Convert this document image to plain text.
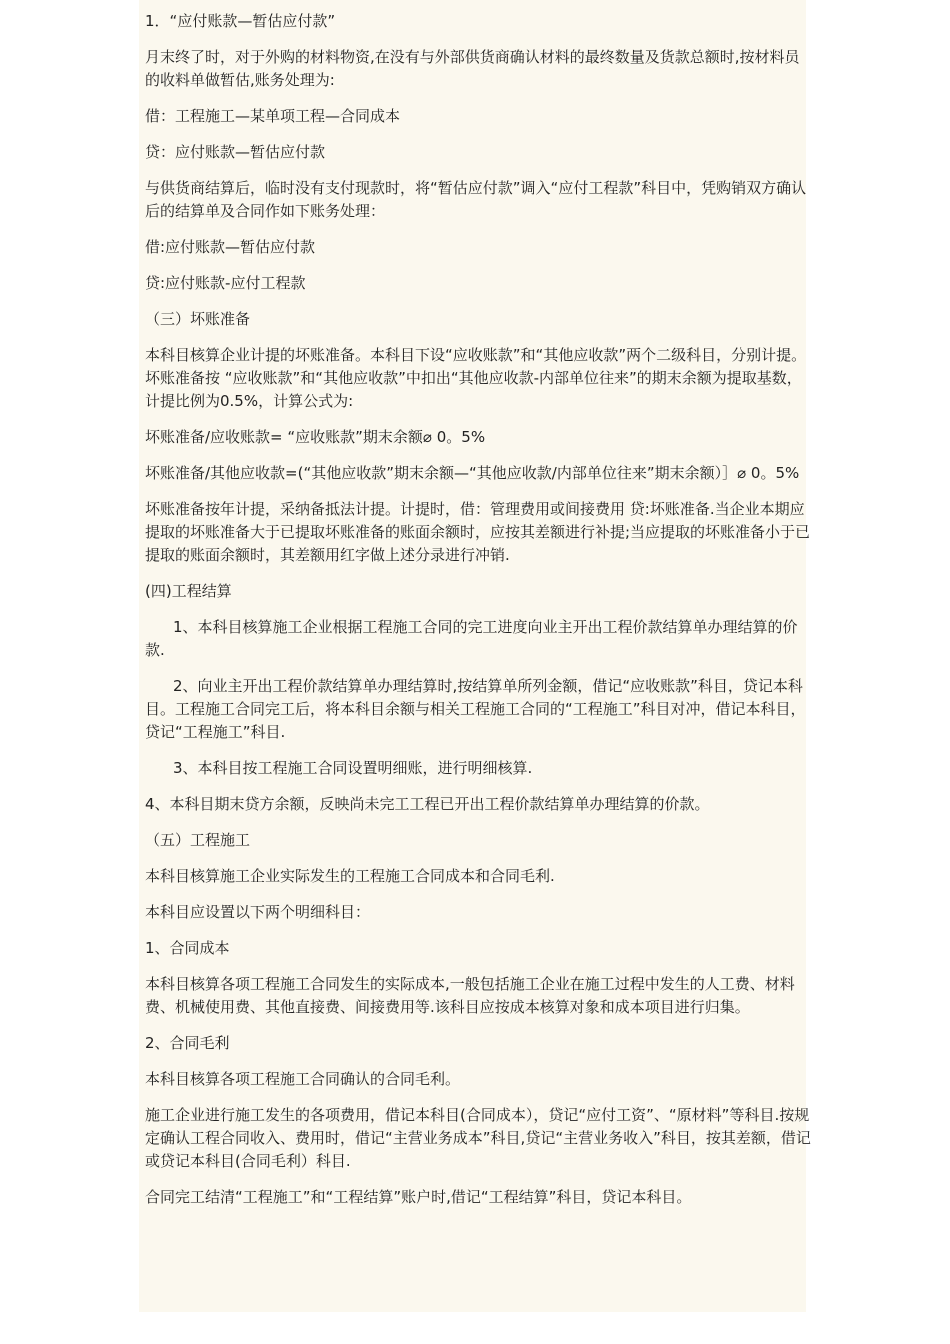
1．“应付账款—暂估应付款”

月末终了时，对于外购的材料物资,在没有与外部供货商确认材料的最终数量及货款总额时,按材料员的收料单做暂估,账务处理为:

借：工程施工—某单项工程—合同成本

贷：应付账款—暂估应付款

与供货商结算后，临时没有支付现款时，将“暂估应付款”调入“应付工程款”科目中，凭购销双方确认后的结算单及合同作如下账务处理：

借:应付账款—暂估应付款

贷:应付账款-应付工程款

（三）坏账准备

本科目核算企业计提的坏账准备。本科目下设“应收账款”和“其他应收款”两个二级科目，分别计提。坏账准备按 “应收账款”和“其他应收款”中扣出“其他应收款-内部单位往来”的期末余额为提取基数，计提比例为0.5%，计算公式为:

坏账准备/应收账款= “应收账款”期末余额⌀ 0。5%

坏账准备/其他应收款=(“其他应收款”期末余额—“其他应收款/内部单位往来”期末余额）］⌀ 0。5%

坏账准备按年计提，采纳备抵法计提。计提时，借：管理费用或间接费用 贷:坏账准备.当企业本期应提取的坏账准备大于已提取坏账准备的账面余额时，应按其差额进行补提;当应提取的坏账准备小于已提取的账面余额时，其差额用红字做上述分录进行冲销.

(四)工程结算

1、本科目核算施工企业根据工程施工合同的完工进度向业主开出工程价款结算单办理结算的价款.

2、向业主开出工程价款结算单办理结算时,按结算单所列金额，借记“应收账款”科目，贷记本科目。工程施工合同完工后，将本科目余额与相关工程施工合同的“工程施工”科目对冲，借记本科目，贷记“工程施工”科目.

3、本科目按工程施工合同设置明细账，进行明细核算.

4、本科目期末贷方余额，反映尚未完工工程已开出工程价款结算单办理结算的价款。

（五）工程施工

本科目核算施工企业实际发生的工程施工合同成本和合同毛利.

本科目应设置以下两个明细科目：

1、合同成本

本科目核算各项工程施工合同发生的实际成本,一般包括施工企业在施工过程中发生的人工费、材料费、机械使用费、其他直接费、间接费用等.该科目应按成本核算对象和成本项目进行归集。

2、合同毛利

本科目核算各项工程施工合同确认的合同毛利。

施工企业进行施工发生的各项费用，借记本科目(合同成本），贷记“应付工资”、“原材料”等科目.按规定确认工程合同收入、费用时，借记“主营业务成本”科目,贷记“主营业务收入”科目，按其差额，借记或贷记本科目(合同毛利）科目.

合同完工结清“工程施工”和“工程结算”账户时,借记“工程结算”科目，贷记本科目。
